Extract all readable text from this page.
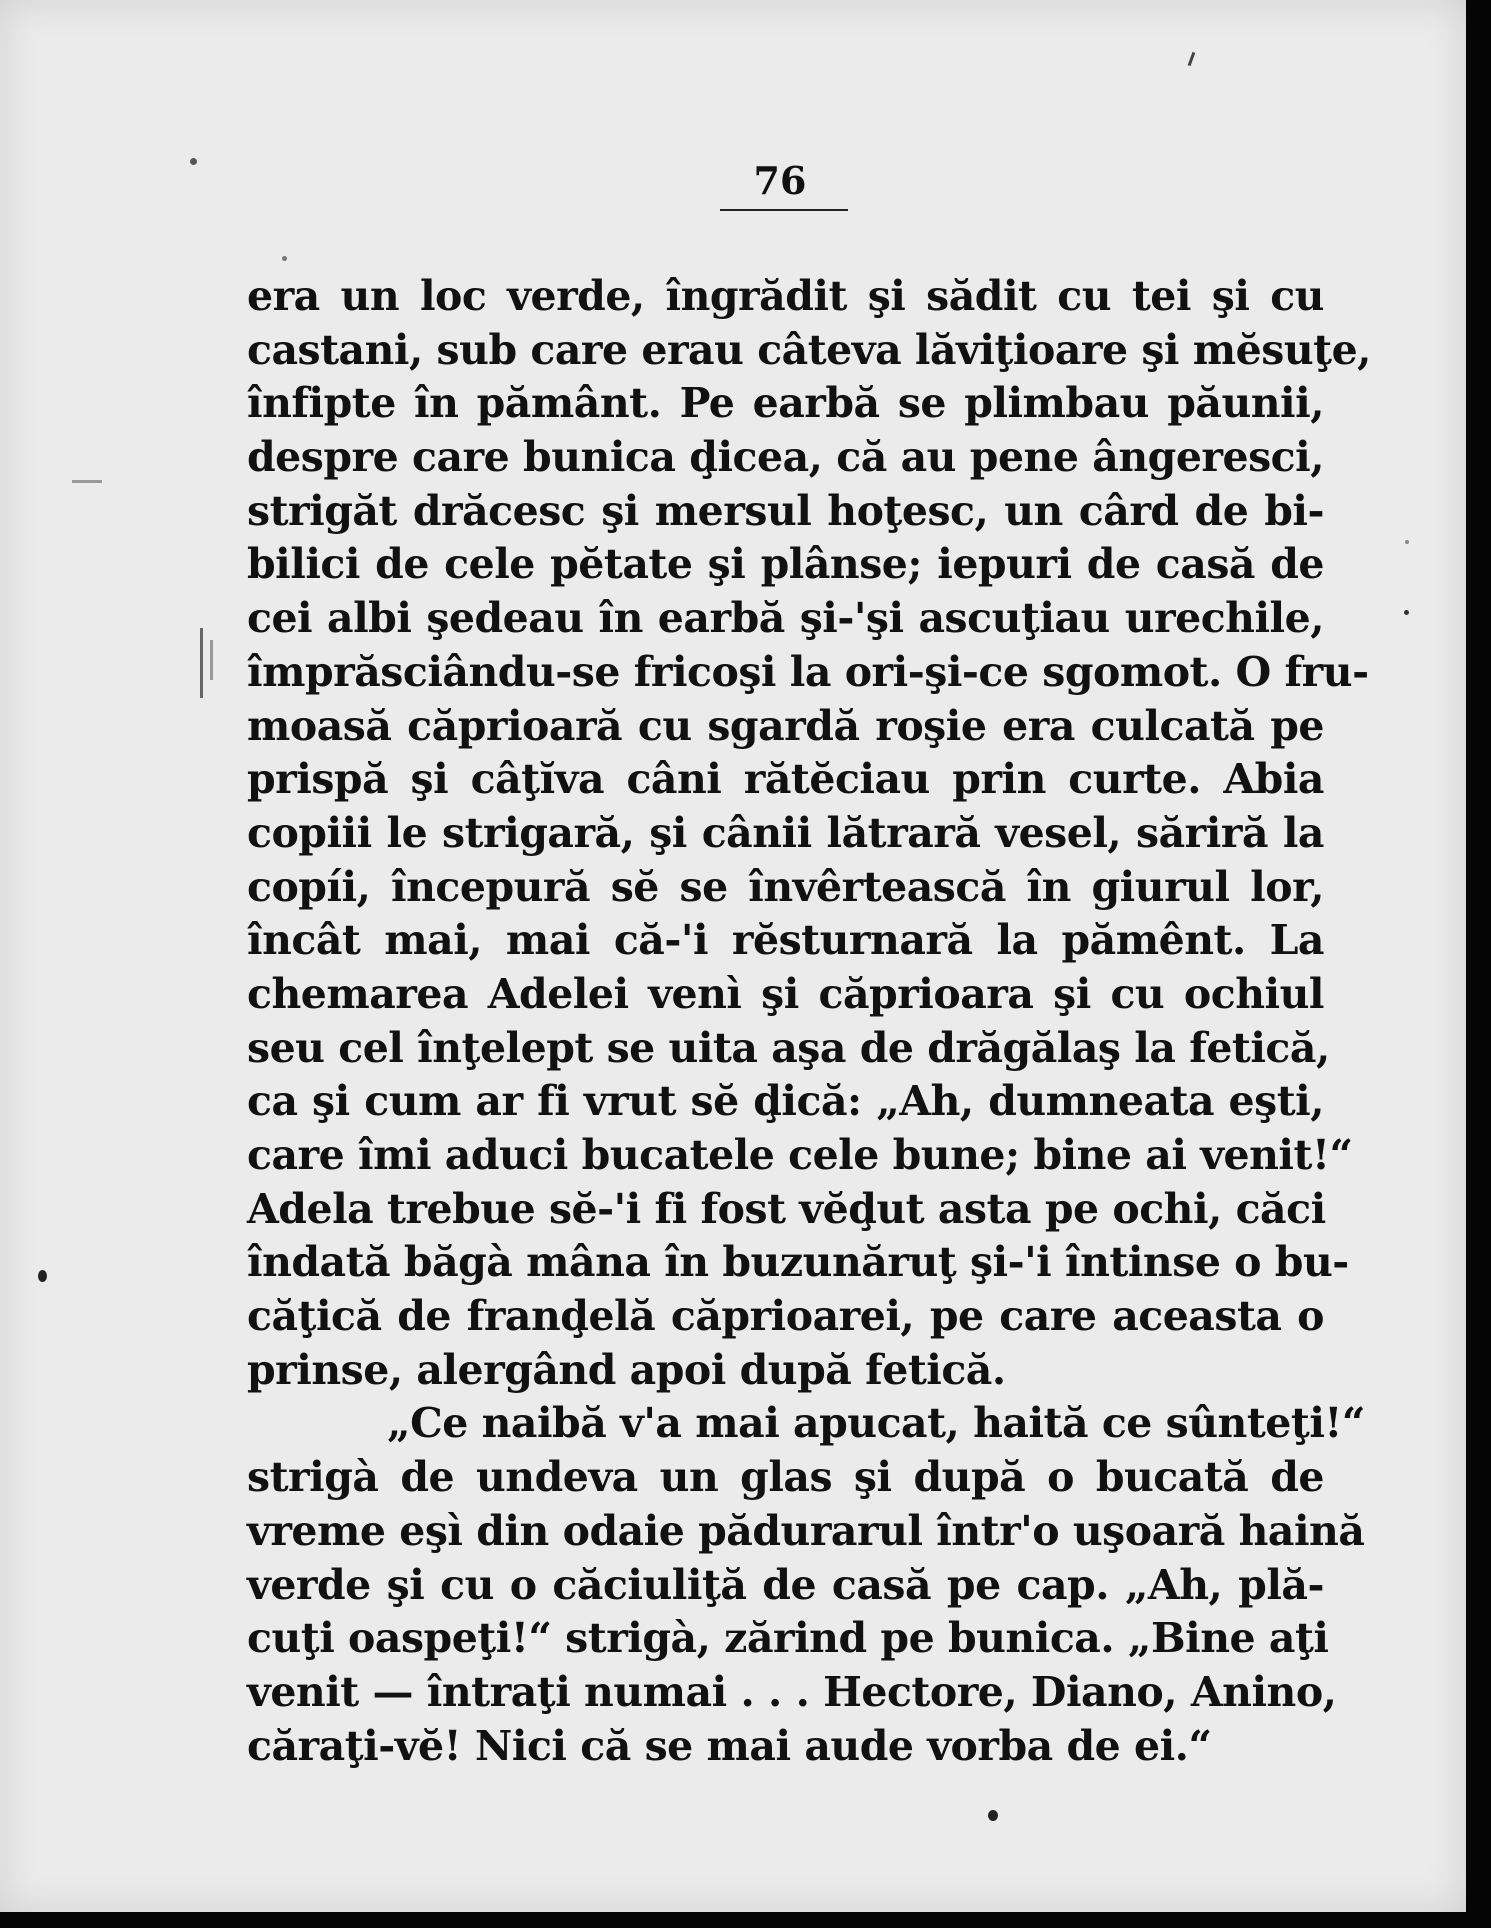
76
era un loc verde, îngrădit şi sădit cu tei şi cu
castani, sub care erau câteva lăviţioare şi mĕsuţe,
înfipte în pământ. Pe earbă se plimbau păunii,
despre care bunica ḑicea, că au pene ângeresci,
strigăt drăcesc şi mersul hoţesc, un cârd de bi-
bilici de cele pĕtate şi plânse; iepuri de casă de
cei albi şedeau în earbă şi-'şi ascuţiau urechile,
împrăsciându-se fricoşi la ori-şi-ce sgomot. O fru-
moasă căprioară cu sgardă roşie era culcată pe
prispă şi câţĭva câni rătĕciau prin curte. Abia
copiii le strigară, şi cânii lătrară vesel, săriră la
copíi, începură sĕ se învêrtească în giurul lor,
încât mai, mai că-'i rĕsturnară la pămênt. La
chemarea Adelei venì şi căprioara şi cu ochiul
seu cel înţelept se uita aşa de drăgălaş la fetică,
ca şi cum ar fi vrut sĕ ḑică: „Ah, dumneata eşti,
care îmi aduci bucatele cele bune; bine ai venit!“
Adela trebue sĕ-'i fi fost vĕḑut asta pe ochi, căci
îndată băgà mâna în buzunăruţ şi-'i întinse o bu-
căţică de franḑelă căprioarei, pe care aceasta o
prinse, alergând apoi după fetică.
„Ce naibă v'a mai apucat, haită ce sûnteţi!“
strigà de undeva un glas şi după o bucată de
vreme eşì din odaie pădurarul într'o uşoară haină
verde şi cu o căciuliţă de casă pe cap. „Ah, plă-
cuţi oaspeţi!“ strigà, zărind pe bunica. „Bine aţi
venit — întraţi numai . . . Hectore, Diano, Anino,
căraţi-vĕ! Nici că se mai aude vorba de ei.“
